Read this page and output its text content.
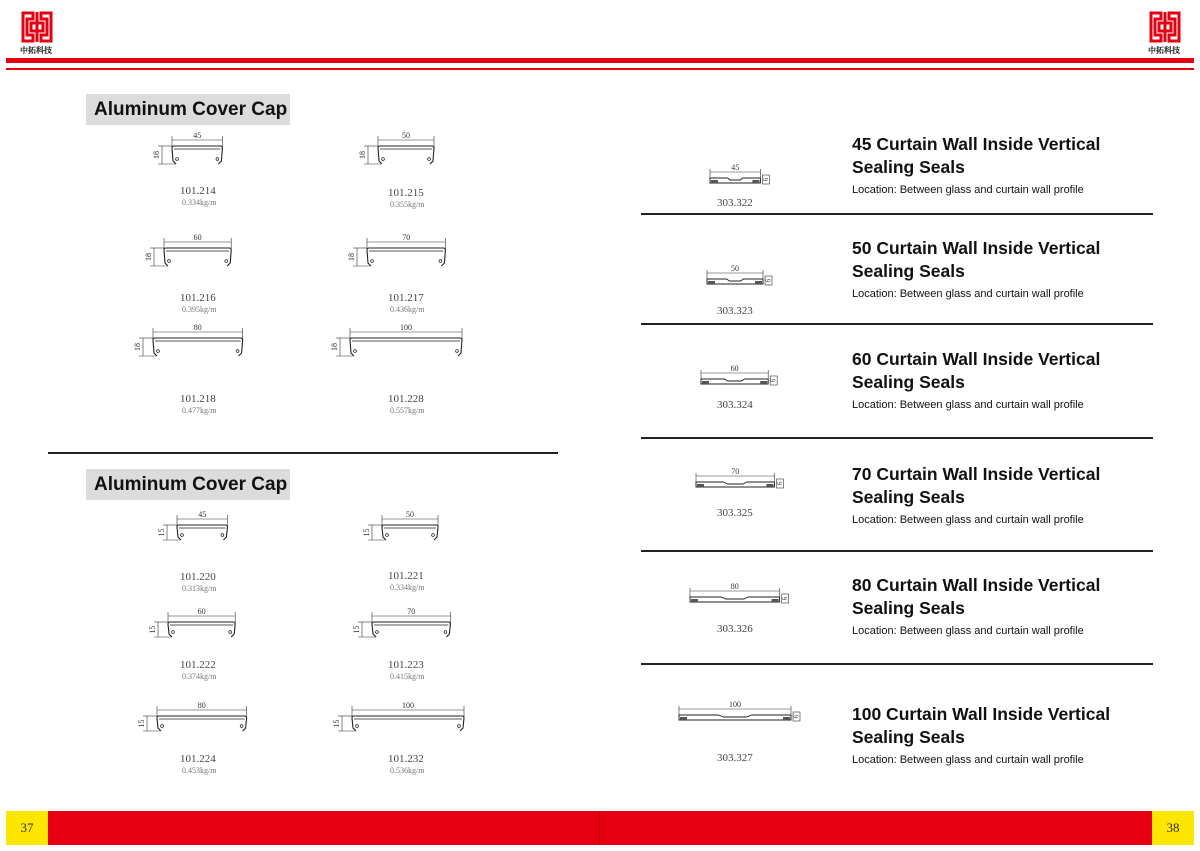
中拓科技	中拓科技
Aluminum Cover Cap
45
18
101.214
0.334kg/m
50
18
101.215
0.355kg/m
60
18
101.216
0.395kg/m
70
18
101.217
0.436kg/m
80
18
101.218
0.477kg/m
100
18
101.228
0.557kg/m
Aluminum Cover Cap
45
15
101.220
0.313kg/m
50
15
101.221
0.334kg/m
60
15
101.222
0.374kg/m
70
15
101.223
0.415kg/m
80
15
101.224
0.453kg/m
100
15
101.232
0.536kg/m
45 Curtain Wall Inside Vertical Sealing Seals
Location: Between glass and curtain wall profile
45
6
303.322
50 Curtain Wall Inside Vertical Sealing Seals
Location: Between glass and curtain wall profile
50
6
303.323
60 Curtain Wall Inside Vertical Sealing Seals
Location: Between glass and curtain wall profile
60
6
303.324
70 Curtain Wall Inside Vertical Sealing Seals
Location: Between glass and curtain wall profile
70
6
303.325
80 Curtain Wall Inside Vertical Sealing Seals
Location: Between glass and curtain wall profile
80
6
303.326
100 Curtain Wall Inside Vertical Sealing Seals
Location: Between glass and curtain wall profile
100
6
303.327
37	38
